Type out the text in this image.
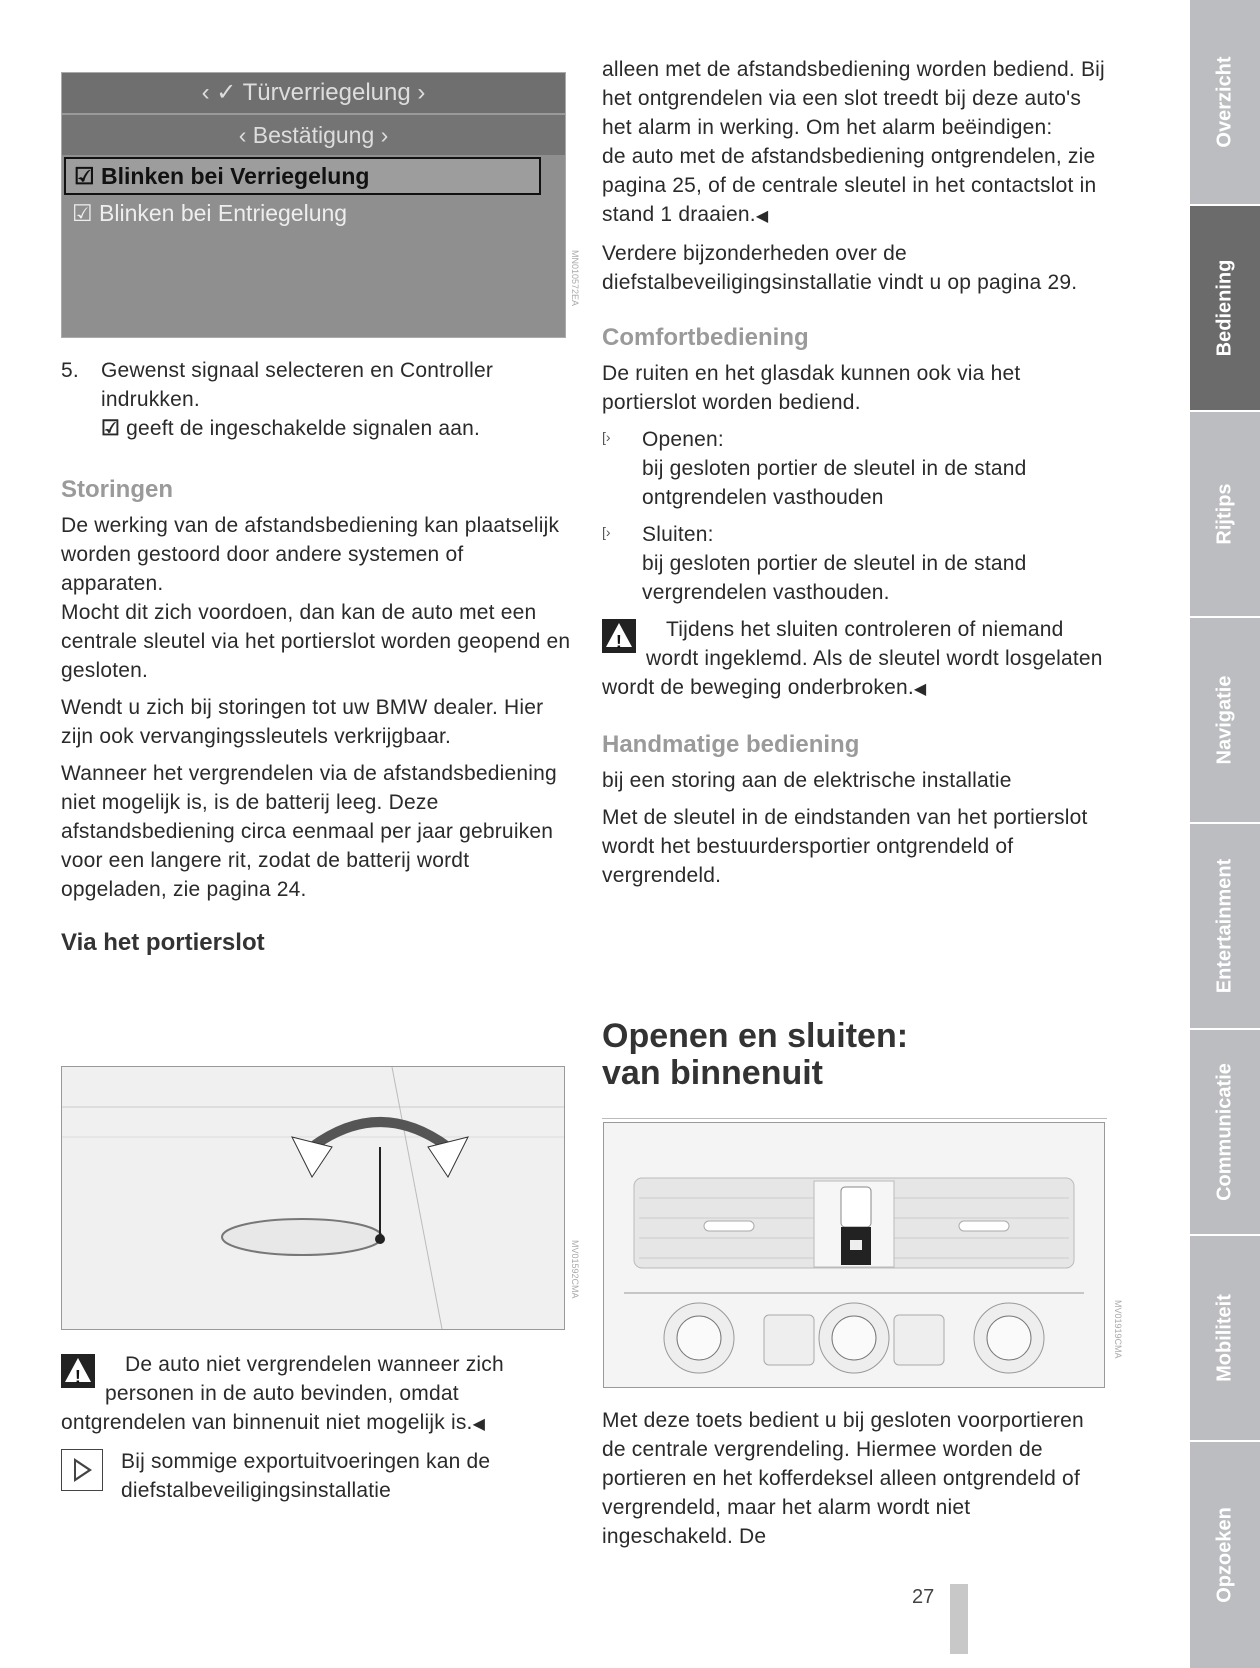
‹ ✓ Türverriegelung ›
‹ Bestätigung ›
☑ Blinken bei Verriegelung
☑ Blinken bei Entriegelung
MN010572EA
5.	Gewenst signaal selecteren en Controller indrukken.

☑ geeft de ingeschakelde signalen aan.

Storingen

De werking van de afstandsbediening kan plaatselijk worden gestoord door andere systemen of apparaten.

Mocht dit zich voordoen, dan kan de auto met een centrale sleutel via het portierslot worden geopend en gesloten.

Wendt u zich bij storingen tot uw BMW dealer. Hier zijn ook vervangingssleutels verkrijgbaar.

Wanneer het vergrendelen via de afstandsbediening niet mogelijk is, is de batterij leeg. Deze afstandsbediening circa eenmaal per jaar gebruiken voor een langere rit, zodat de batterij wordt opgeladen, zie pagina 24.

Via het portierslot
MV01592CMA

!
De auto niet vergrendelen wanneer zich personen in de auto bevinden, omdat ontgrendelen van binnenuit niet mogelijk is.◀

Bij sommige exportuitvoeringen kan de diefstalbeveiligingsinstallatie

alleen met de afstandsbediening worden bediend. Bij het ontgrendelen via een slot treedt bij deze auto's het alarm in werking. Om het alarm beëindigen:

de auto met de afstandsbediening ontgrendelen, zie pagina 25, of de centrale sleutel in het contactslot in stand 1 draaien.◀

Verdere bijzonderheden over de diefstalbeveiligingsinstallatie vindt u op pagina 29.

Comfortbediening

De ruiten en het glasdak kunnen ook via het portierslot worden bediend.

[›	Openen:

bij gesloten portier de sleutel in de stand ontgrendelen vasthouden

[›	Sluiten:

bij gesloten portier de sleutel in de stand vergrendelen vasthouden.

!
Tijdens het sluiten controleren of niemand wordt ingeklemd. Als de sleutel wordt losgelaten wordt de beweging onderbroken.◀

Handmatige bediening

bij een storing aan de elektrische installatie

Met de sleutel in de eindstanden van het portierslot wordt het bestuurdersportier ontgrendeld of vergrendeld.

Openen en sluiten:
van binnenuit
MV01919CMA

Met deze toets bedient u bij gesloten voorportieren de centrale vergrendeling. Hiermee worden de portieren en het kofferdeksel alleen ontgrendeld of vergrendeld, maar het alarm wordt niet ingeschakeld. De

27
Overzicht
Bediening
Rijtips
Navigatie
Entertainment
Communicatie
Mobiliteit
Opzoeken
